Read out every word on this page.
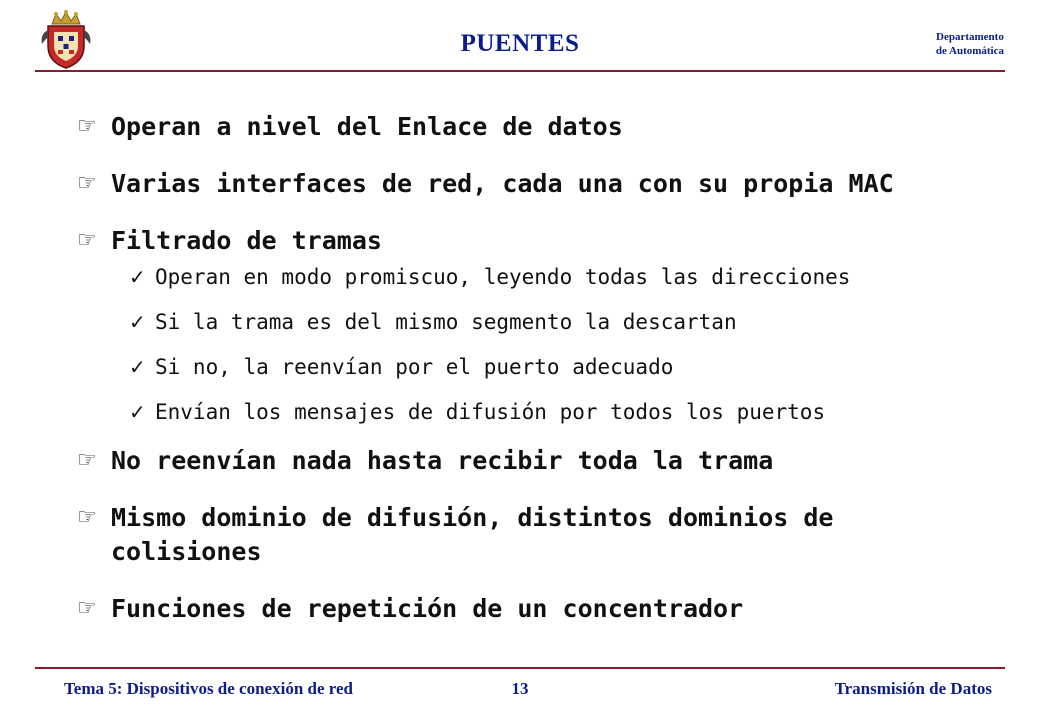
PUENTES	Departamento
de Automática
☞ Operan a nivel del Enlace de datos
☞ Varias interfaces de red, cada una con su propia MAC
☞ Filtrado de tramas
✓ Operan en modo promiscuo, leyendo todas las direcciones
✓ Si la trama es del mismo segmento la descartan
✓ Si no, la reenvían por el puerto adecuado
✓ Envían los mensajes de difusión por todos los puertos
☞ No reenvían nada hasta recibir toda la trama
☞ Mismo dominio de difusión, distintos dominios de colisiones
☞ Funciones de repetición de un concentrador
Tema 5: Dispositivos de conexión de red	13	Transmisión de Datos
